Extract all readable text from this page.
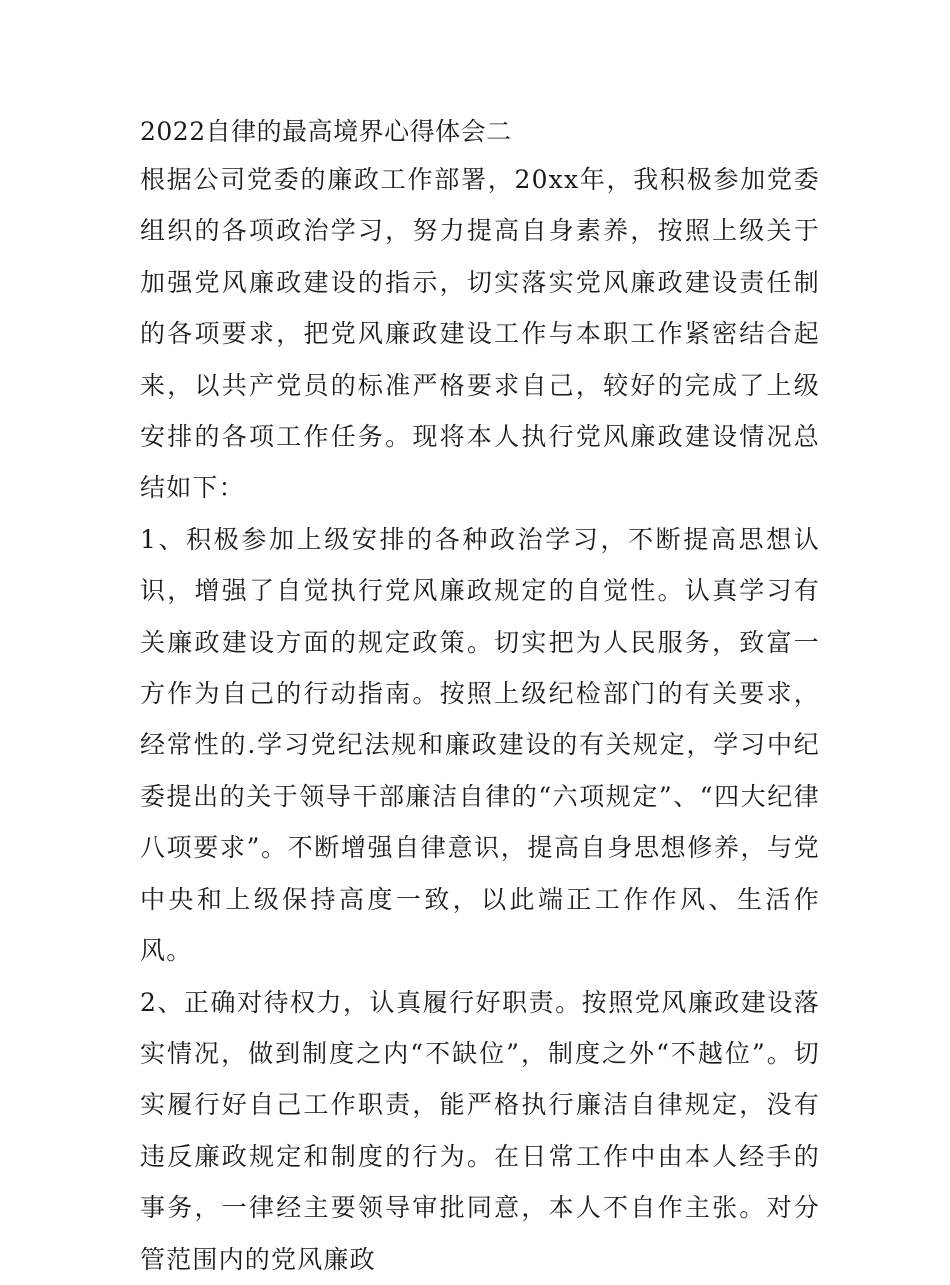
2022自律的最高境界心得体会二

根据公司党委的廉政工作部署，20xx年，我积极参加党委组织的各项政治学习，努力提高自身素养，按照上级关于加强党风廉政建设的指示，切实落实党风廉政建设责任制的各项要求，把党风廉政建设工作与本职工作紧密结合起来，以共产党员的标准严格要求自己，较好的完成了上级安排的各项工作任务。现将本人执行党风廉政建设情况总结如下：

1、积极参加上级安排的各种政治学习，不断提高思想认识，增强了自觉执行党风廉政规定的自觉性。认真学习有关廉政建设方面的规定政策。切实把为人民服务，致富一方作为自己的行动指南。按照上级纪检部门的有关要求，经常性的.学习党纪法规和廉政建设的有关规定，学习中纪委提出的关于领导干部廉洁自律的“六项规定”、“四大纪律八项要求”。不断增强自律意识，提高自身思想修养，与党中央和上级保持高度一致，以此端正工作作风、生活作风。

2、正确对待权力，认真履行好职责。按照党风廉政建设落实情况，做到制度之内“不缺位”，制度之外“不越位”。切实履行好自己工作职责，能严格执行廉洁自律规定，没有违反廉政规定和制度的行为。在日常工作中由本人经手的事务，一律经主要领导审批同意，本人不自作主张。对分管范围内的党风廉政
